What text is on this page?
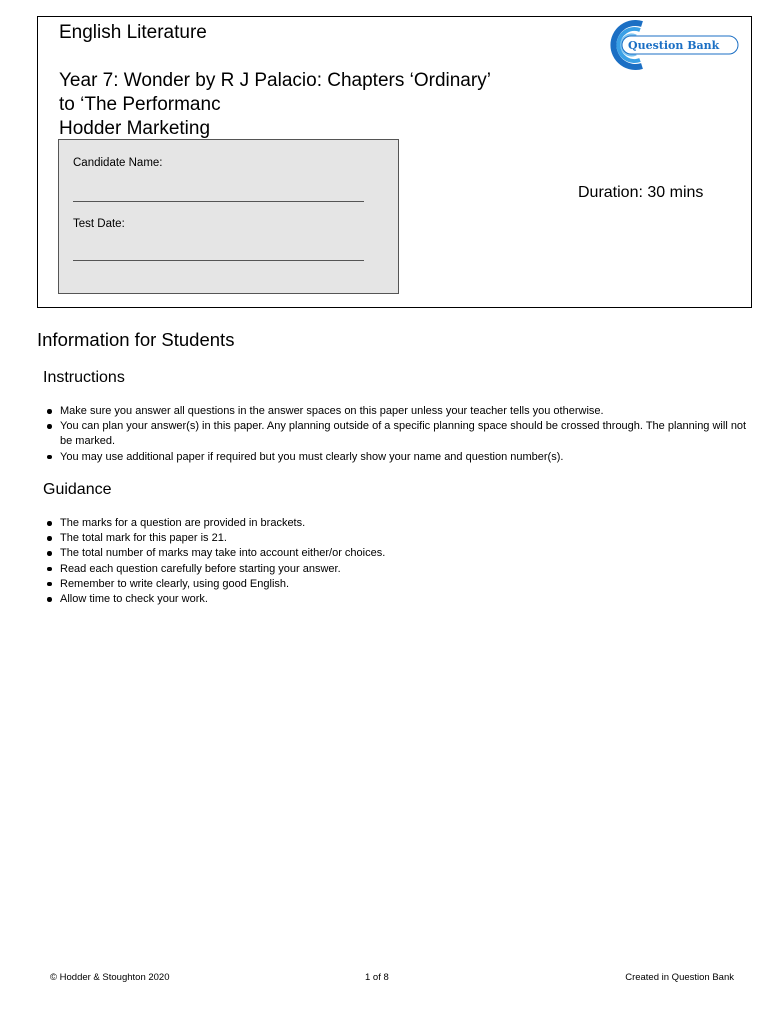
English Literature
Year 7: Wonder by R J Palacio: Chapters ‘Ordinary’
to ‘The Performanc
Hodder Marketing
Question Bank
Candidate Name:
Test Date:
Duration: 30 mins
Information for Students
Instructions
Make sure you answer all questions in the answer spaces on this paper unless your teacher tells you otherwise.
You can plan your answer(s) in this paper. Any planning outside of a specific planning space should be crossed through. The planning will not be marked.
You may use additional paper if required but you must clearly show your name and question number(s).
Guidance
The marks for a question are provided in brackets.
The total mark for this paper is 21.
The total number of marks may take into account either/or choices.
Read each question carefully before starting your answer.
Remember to write clearly, using good English.
Allow time to check your work.
© Hodder & Stoughton 2020	1 of 8	Created in Question Bank
